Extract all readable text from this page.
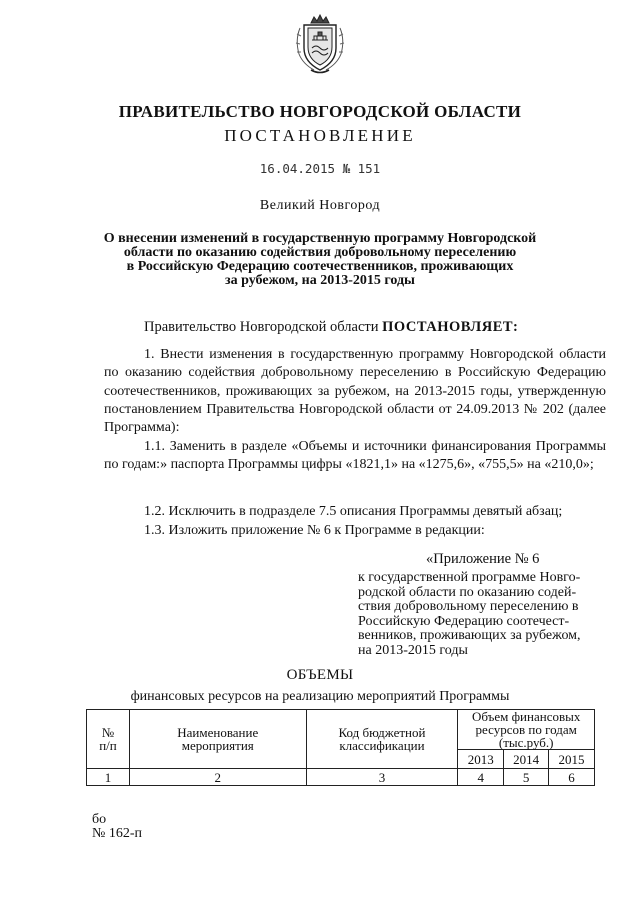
ПРАВИТЕЛЬСТВО НОВГОРОДСКОЙ ОБЛАСТИ
ПОСТАНОВЛЕНИЕ
16.04.2015 № 151
Великий Новгород
О внесении изменений в государственную программу Новгородской
области по оказанию содействия добровольному переселению
в Российскую Федерацию соотечественников, проживающих
за рубежом, на 2013-2015 годы
Правительство Новгородской области ПОСТАНОВЛЯЕТ:
1. Внести изменения в государственную программу Новгородской области по оказанию содействия добровольному переселению в Российскую Федерацию соотечественников, проживающих за рубежом, на 2013-2015 годы, утвержденную постановлением Правительства Новгородской области от 24.09.2013 № 202 (далее Программа):
1.1. Заменить в разделе «Объемы и источники финансирования Программы по годам:» паспорта Программы цифры «1821,1» на «1275,6», «755,5» на «210,0»;
1.2. Исключить в подразделе 7.5 описания Программы девятый абзац;
1.3. Изложить приложение № 6 к Программе в редакции:
«Приложение № 6
к государственной программе Новго-
родской области по оказанию содей-
ствия добровольному переселению в
Российскую Федерацию соотечест-
венников, проживающих за рубежом,
на 2013-2015 годы
ОБЪЕМЫ
финансовых ресурсов на реализацию мероприятий Программы
№ п/п	Наименование мероприятия	Код бюджетной классификации	Объем финансовых ресурсов по годам (тыс.руб.)		
			2013	2014	2015
1	2	3	4	5	6
бо
№ 162-п
